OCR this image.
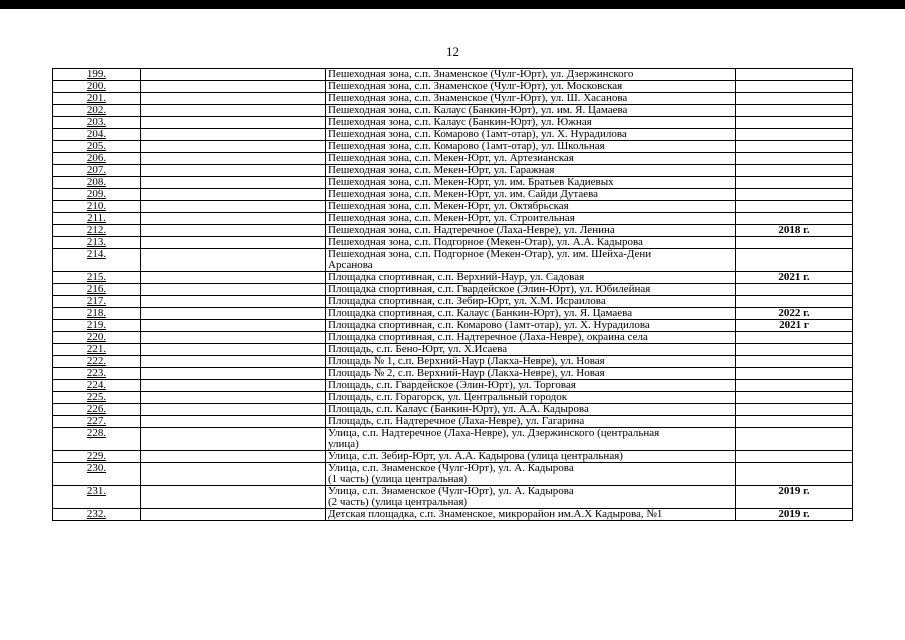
12
199.		Пешеходная зона, с.п. Знаменское (Чулг-Юрт), ул. Дзержинского	

200.		Пешеходная зона, с.п. Знаменское (Чулг-Юрт), ул. Московская	

201.		Пешеходная зона, с.п. Знаменское (Чулг-Юрт), ул. Ш. Хасанова	

202.		Пешеходная зона, с.п. Калаус (Банкин-Юрт), ул. им. Я. Цамаева	

203.		Пешеходная зона, с.п. Калаус (Банкин-Юрт), ул. Южная	

204.		Пешеходная зона, с.п. Комарово (1амт-отар), ул. Х. Нурадилова	

205.		Пешеходная зона, с.п. Комарово (1амт-отар), ул. Школьная	

206.		Пешеходная зона, с.п. Мекен-Юрт, ул. Артезианская	

207.		Пешеходная зона, с.п. Мекен-Юрт, ул. Гаражная	

208.		Пешеходная зона, с.п. Мекен-Юрт, ул. им. Братьев Кадиевых	

209.		Пешеходная зона, с.п. Мекен-Юрт, ул. им. Сайди Дутаева	

210.		Пешеходная зона, с.п. Мекен-Юрт, ул. Октябрьская	

211.		Пешеходная зона, с.п. Мекен-Юрт, ул. Строительная	

212.		Пешеходная зона, с.п. Надтеречное (Лаха-Невре), ул. Ленина	2018 г.
213.		Пешеходная зона, с.п. Подгорное (Мекен-Отар), ул. А.А. Кадырова	

214.		Пешеходная зона, с.п. Подгорное (Мекен-Отар), ул. им. Шейха-Дени
Арсанова	

215.		Площадка спортивная, с.п. Верхний-Наур, ул. Садовая	2021 г.
216.		Площадка спортивная, с.п. Гвардейское (Элин-Юрт), ул. Юбилейная	

217.		Площадка спортивная, с.п. Зебир-Юрт, ул. Х.М. Исраилова	

218.		Площадка спортивная, с.п. Калаус (Банкин-Юрт), ул. Я. Цамаева	2022 г.
219.		Площадка спортивная, с.п. Комарово (1амт-отар), ул. Х. Нурадилова	2021 г
220.		Площадка спортивная, с.п. Надтеречное (Лаха-Невре), окраина села	

221.		Площадь, с.п. Бено-Юрт, ул. Х.Исаева	

222.		Площадь № 1, с.п. Верхний-Наур (Лакха-Невре), ул. Новая	

223.		Площадь № 2, с.п. Верхний-Наур (Лакха-Невре), ул. Новая	

224.		Площадь, с.п. Гвардейское (Элин-Юрт), ул. Торговая	

225.		Площадь, с.п. Горагорск, ул. Центральный городок	

226.		Площадь, с.п. Калаус (Банкин-Юрт), ул. А.А. Кадырова	

227.		Площадь, с.п. Надтеречное (Лаха-Невре), ул. Гагарина	

228.		Улица, с.п. Надтеречное (Лаха-Невре), ул. Дзержинского (центральная
улица)	

229.		Улица, с.п. Зебир-Юрт, ул. А.А. Кадырова (улица центральная)	

230.		Улица, с.п. Знаменское (Чулг-Юрт), ул. А. Кадырова
(1 часть) (улица центральная)	

231.		Улица, с.п. Знаменское (Чулг-Юрт), ул. А. Кадырова
(2 часть) (улица центральная)	2019 г.
232.		Детская площадка, с.п. Знаменское, микрорайон им.А.Х Кадырова, №1	2019 г.
